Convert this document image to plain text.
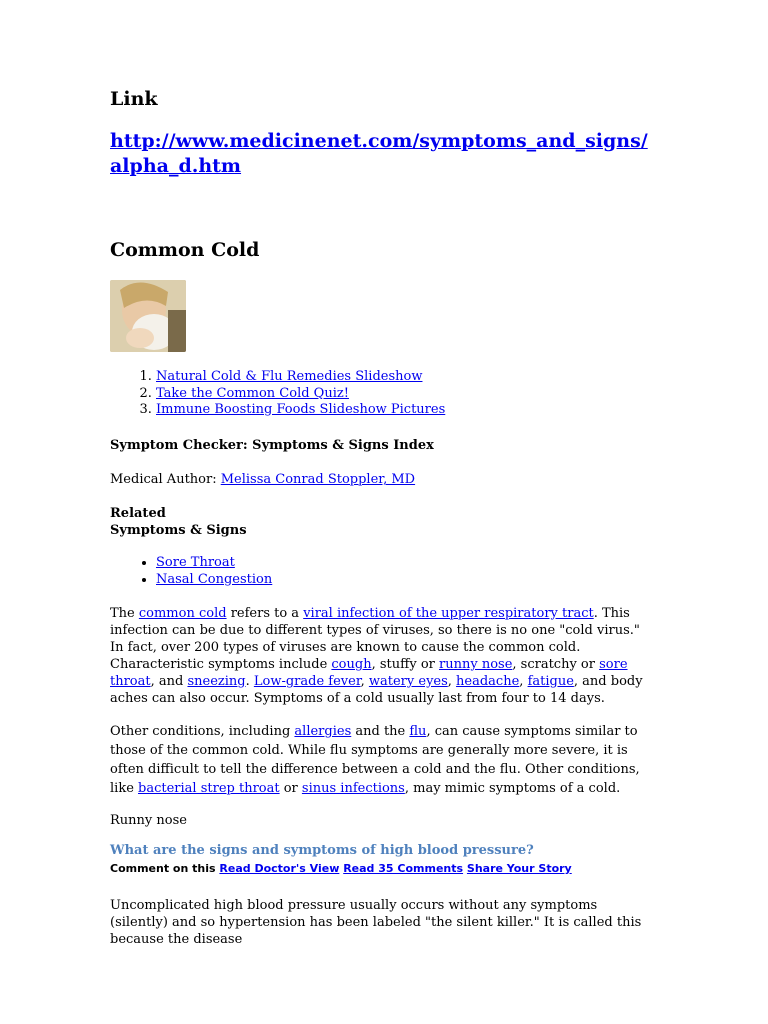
Link
http://www.medicinenet.com/symptoms_and_signs/
alpha_d.htm
Common Cold
1. Natural Cold & Flu Remedies Slideshow
2. Take the Common Cold Quiz!
3. Immune Boosting Foods Slideshow Pictures
Symptom Checker: Symptoms & Signs Index
Medical Author: Melissa Conrad Stoppler, MD
Related
Symptoms & Signs
• Sore Throat
• Nasal Congestion
The common cold refers to a viral infection of the upper respiratory tract. This infection can be due to different types of viruses, so there is no one "cold virus." In fact, over 200 types of viruses are known to cause the common cold. Characteristic symptoms include cough, stuffy or runny nose, scratchy or sore throat, and sneezing. Low-grade fever, watery eyes, headache, fatigue, and body aches can also occur. Symptoms of a cold usually last from four to 14 days.
Other conditions, including allergies and the flu, can cause symptoms similar to those of the common cold. While flu symptoms are generally more severe, it is often difficult to tell the difference between a cold and the flu. Other conditions, like bacterial strep throat or sinus infections, may mimic symptoms of a cold.
Runny nose
What are the signs and symptoms of high blood pressure?
Comment on this Read Doctor's View Read 35 Comments Share Your Story
Uncomplicated high blood pressure usually occurs without any symptoms (silently) and so hypertension has been labeled "the silent killer." It is called this because the disease
